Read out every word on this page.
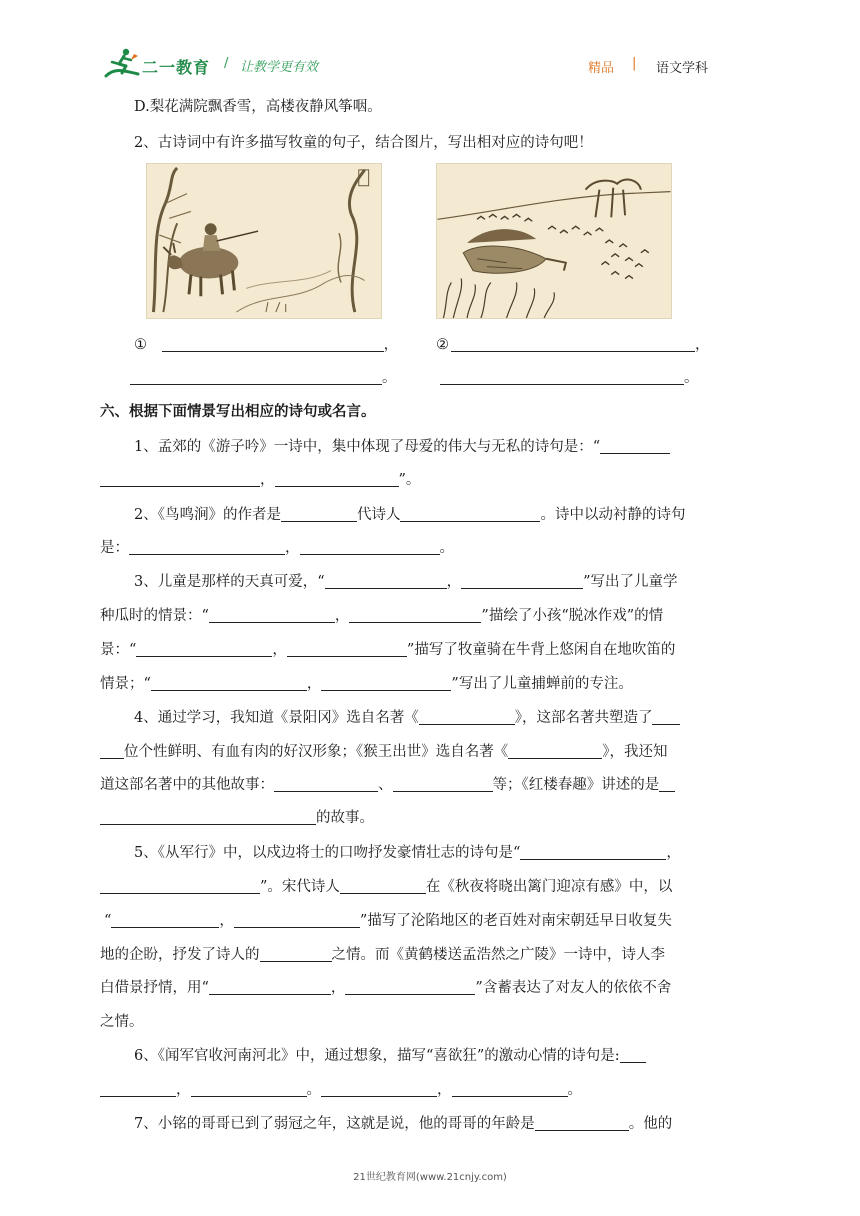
二一教育 / 让教学更有效	精品 | 语文学科
D.梨花满院飘香雪，高楼夜静风筝咽。
2、古诗词中有许多描写牧童的句子，结合图片，写出相对应的诗句吧！
①	，	②	，
。	。
六、根据下面情景写出相应的诗句或名言。
1、孟郊的《游子吟》一诗中，集中体现了母爱的伟大与无私的诗句是：“
，	”。
2、《鸟鸣涧》的作者是	代诗人	。诗中以动衬静的诗句
是：	，	。
3、儿童是那样的天真可爱，“	，	”写出了儿童学
种瓜时的情景：“	，	”描绘了小孩“脱冰作戏”的情
景：“	，	”描写了牧童骑在牛背上悠闲自在地吹笛的
情景；“	，	”写出了儿童捕蝉前的专注。
4、通过学习，我知道《景阳冈》选自名著《	》，这部名著共塑造了
位个性鲜明、有血有肉的好汉形象；《猴王出世》选自名著《	》，我还知
道这部名著中的其他故事：	、	等；《红楼春趣》讲述的是
的故事。
5、《从军行》中，以戍边将士的口吻抒发豪情壮志的诗句是“	，
”。宋代诗人	在《秋夜将晓出篱门迎凉有感》中，以
“	，	”描写了沦陷地区的老百姓对南宋朝廷早日收复失
地的企盼，抒发了诗人的	之情。而《黄鹤楼送孟浩然之广陵》一诗中，诗人李
白借景抒情，用“	，	”含蓄表达了对友人的依依不舍
之情。
6、《闻军官收河南河北》中，通过想象，描写“喜欲狂”的激动心情的诗句是:
，	。	，	。
7、小铭的哥哥已到了弱冠之年，这就是说，他的哥哥的年龄是	。他的
21世纪教育网(www.21cnjy.com)
